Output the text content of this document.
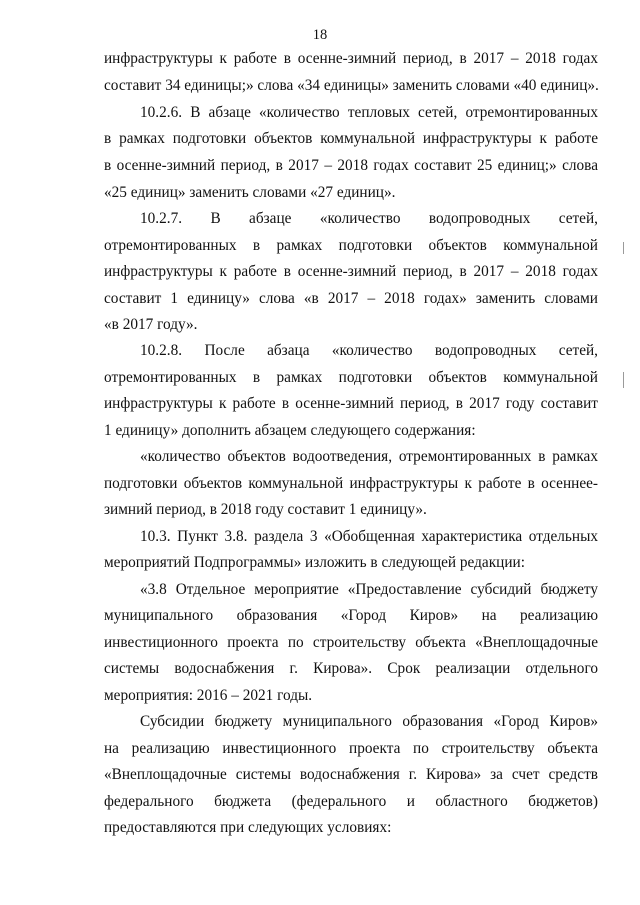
18
инфраструктуры к работе в осенне-зимний период, в 2017 – 2018 годах
составит 34 единицы;» слова «34 единицы» заменить словами «40 единиц».
10.2.6. В абзаце «количество тепловых сетей, отремонтированных
в рамках подготовки объектов коммунальной инфраструктуры к работе
в осенне-зимний период, в 2017 – 2018 годах составит 25 единиц;» слова
«25 единиц» заменить словами «27 единиц».
10.2.7. В абзаце «количество водопроводных сетей,
отремонтированных в рамках подготовки объектов коммунальной
инфраструктуры к работе в осенне-зимний период, в 2017 – 2018 годах
составит 1 единицу» слова «в 2017 – 2018 годах» заменить словами
«в 2017 году».
10.2.8. После абзаца «количество водопроводных сетей,
отремонтированных в рамках подготовки объектов коммунальной
инфраструктуры к работе в осенне-зимний период, в 2017 году составит
1 единицу» дополнить абзацем следующего содержания:
«количество объектов водоотведения, отремонтированных в рамках
подготовки объектов коммунальной инфраструктуры к работе в осеннее-
зимний период, в 2018 году составит 1 единицу».
10.3. Пункт 3.8. раздела 3 «Обобщенная характеристика отдельных
мероприятий Подпрограммы» изложить в следующей редакции:
«3.8 Отдельное мероприятие «Предоставление субсидий бюджету
муниципального образования «Город Киров» на реализацию
инвестиционного проекта по строительству объекта «Внеплощадочные
системы водоснабжения г. Кирова». Срок реализации отдельного
мероприятия: 2016 – 2021 годы.
Субсидии бюджету муниципального образования «Город Киров»
на реализацию инвестиционного проекта по строительству объекта
«Внеплощадочные системы водоснабжения г. Кирова» за счет средств
федерального бюджета (федерального и областного бюджетов)
предоставляются при следующих условиях:
